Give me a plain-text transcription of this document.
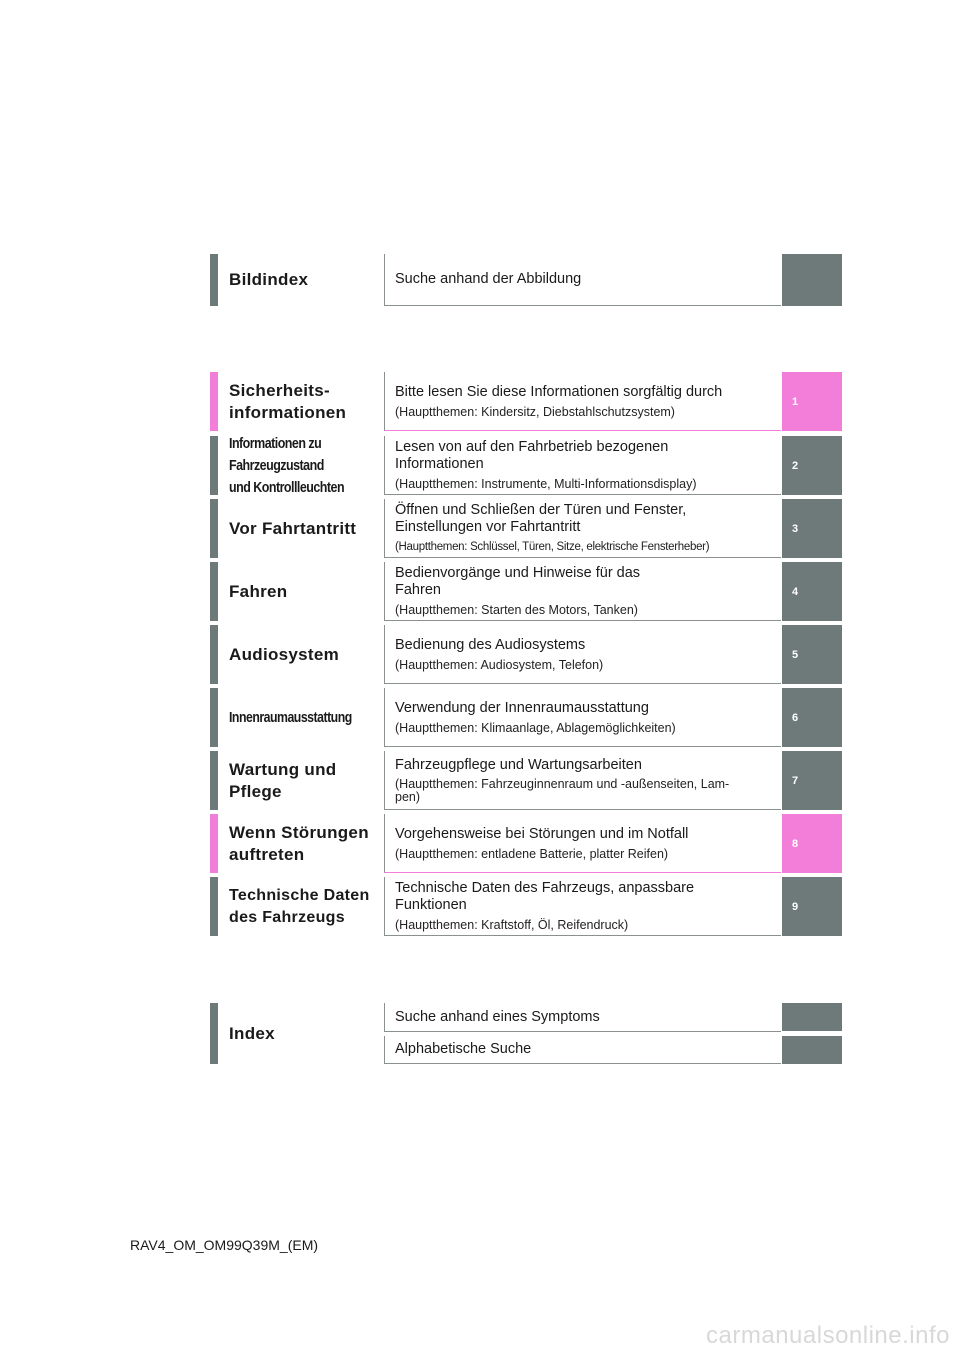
Bildindex	Suche anhand der Abbildung
Sicherheits-
informationen
Bitte lesen Sie diese Informationen sorgfältig durch
(Hauptthemen: Kindersitz, Diebstahlschutzsystem)
1
Informationen zu
Fahrzeugzustand
und Kontrollleuchten
Lesen von auf den Fahrbetrieb bezogenen
Informationen
(Hauptthemen: Instrumente, Multi-Informationsdisplay)
2
Vor Fahrtantritt
Öffnen und Schließen der Türen und Fenster,
Einstellungen vor Fahrtantritt
(Hauptthemen: Schlüssel, Türen, Sitze, elektrische Fensterheber)
3
Fahren
Bedienvorgänge und Hinweise für das
Fahren
(Hauptthemen: Starten des Motors, Tanken)
4
Audiosystem	Bedienung des Audiosystems
(Hauptthemen: Audiosystem, Telefon)
5
Innenraumausstattung
Verwendung der Innenraumausstattung
(Hauptthemen: Klimaanlage, Ablagemöglichkeiten)
6
Wartung und
Pflege
Fahrzeugpflege und Wartungsarbeiten
(Hauptthemen: Fahrzeuginnenraum und -außenseiten, Lam-
pen)
7
Wenn Störungen
auftreten
Vorgehensweise bei Störungen und im Notfall
(Hauptthemen: entladene Batterie, platter Reifen)
8
Technische Daten
des Fahrzeugs
Technische Daten des Fahrzeugs, anpassbare
Funktionen
(Hauptthemen: Kraftstoff, Öl, Reifendruck)
9
Index
Suche anhand eines Symptoms
Alphabetische Suche
RAV4_OM_OM99Q39M_(EM)
carmanualsonline.info
